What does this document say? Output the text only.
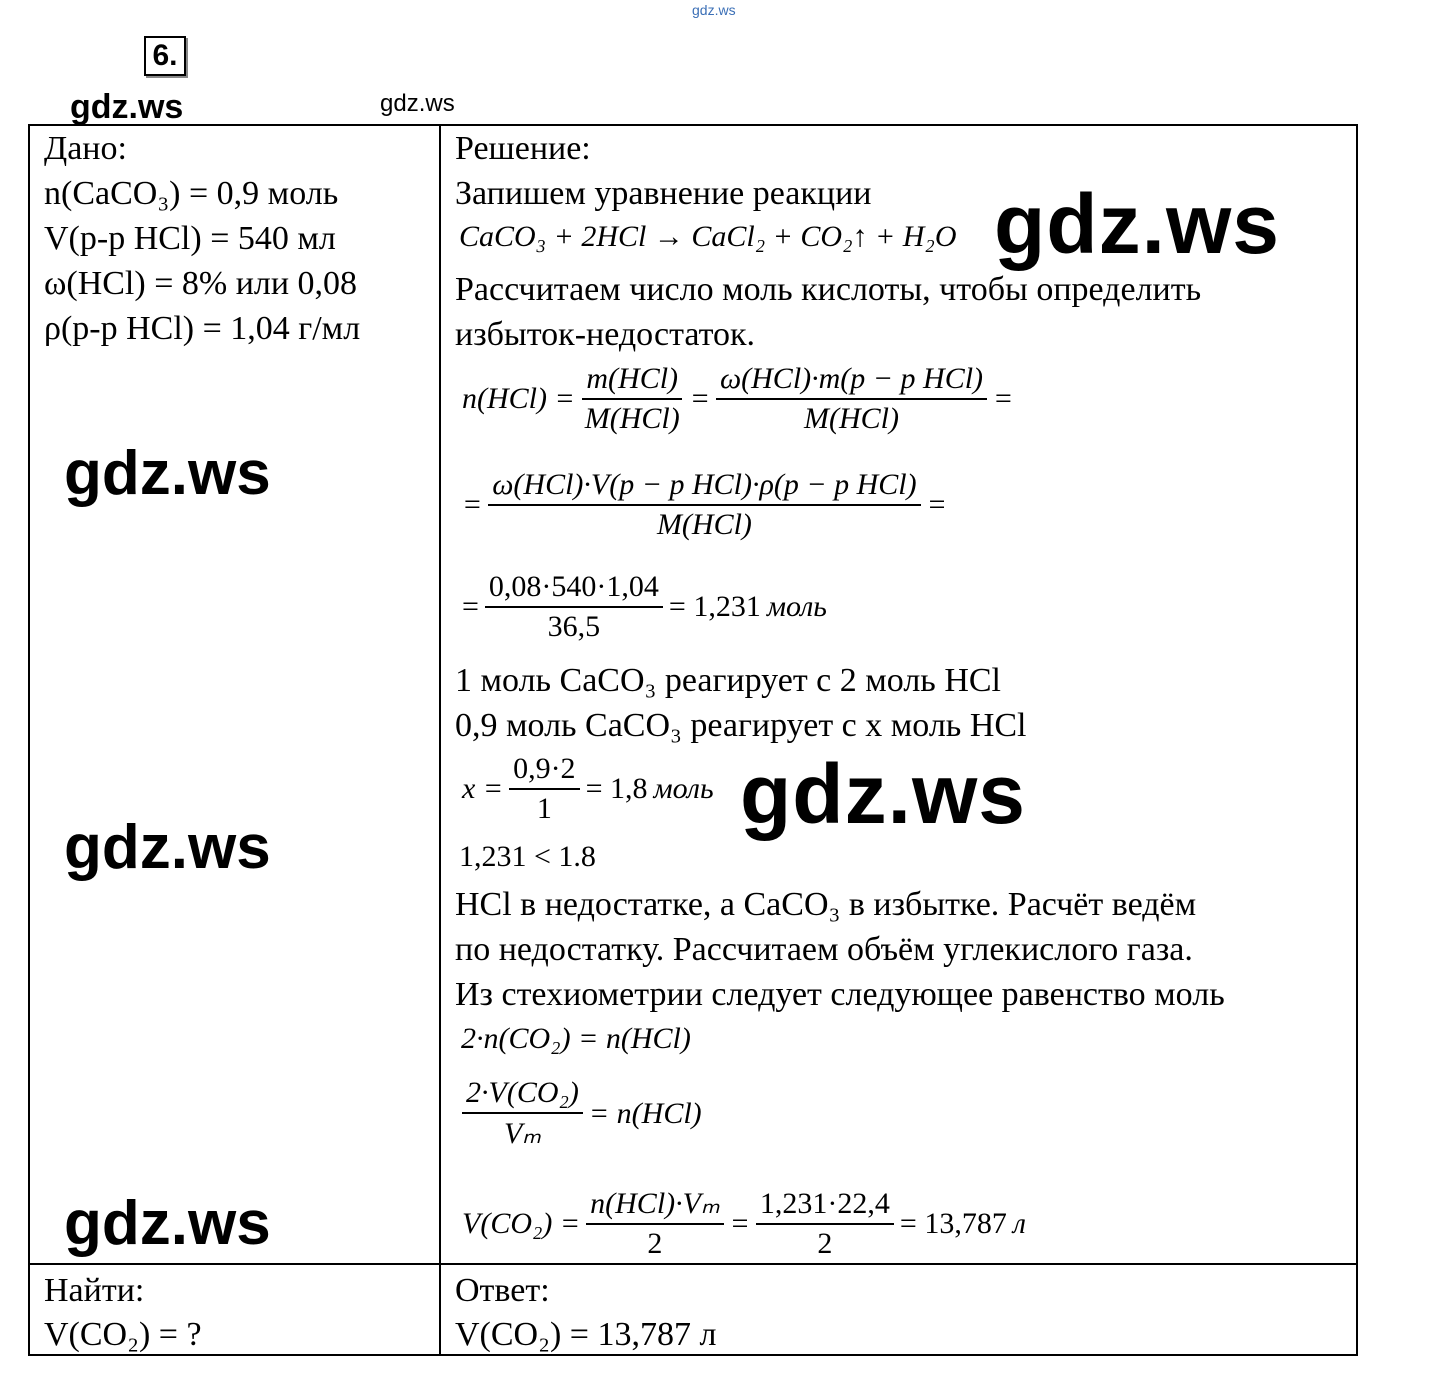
gdz.ws
6.
gdz.ws	gdz.ws
Дано:
n(CaCO₃) = 0,9 моль
V(р-р HCl) = 540 мл
ω(HCl) = 8% или 0,08
ρ(р-р HCl) = 1,04 г/мл
gdz.ws
gdz.ws
gdz.ws
Найти:
V(CO₂) = ?
Решение:
Запишем уравнение реакции
CaCO₃ + 2HCl → CaCl₂ + CO₂↑ + H₂O gdz.ws
Рассчитаем число моль кислоты, чтобы определить
избыток-недостаток.
$n(HCl) = \frac{\text{m(HCl)}}{\text{M(HCl)}} = \frac{\text{ω(HCl)·m(p − p HCl)}}{\text{M(HCl)}}$ =
= $\frac{\text{ω(HCl)·V(p − p HCl)·ρ(p − p HCl)}}{\text{M(HCl)}}$ =
= $\frac{0,08\cdot 540\cdot 1,04}{36,5} = 1,231$ моль
1 моль CaCO₃ реагирует с 2 моль HCl
0,9 моль CaCO₃ реагирует с x моль HCl
$x = \frac{0,9\cdot 2}{1} = 1,8$ моль gdz.ws
1,231 < 1.8
HCl в недостатке, а CaCO₃ в избытке. Расчёт ведём
по недостатку. Рассчитаем объём углекислого газа.
Из стехиометрии следует следующее равенство моль
2·n(CO₂) = n(HCl)
$\frac{\text{2·V(CO₂)}}{\text{Vₘ}} = n(HCl)$
$V(CO_2) = \frac{\text{n(HCl)·Vₘ}}{2} = \frac{1,231\cdot 22,4}{2} = 13,787$ л
Ответ:
V(CO₂) = 13,787 л
